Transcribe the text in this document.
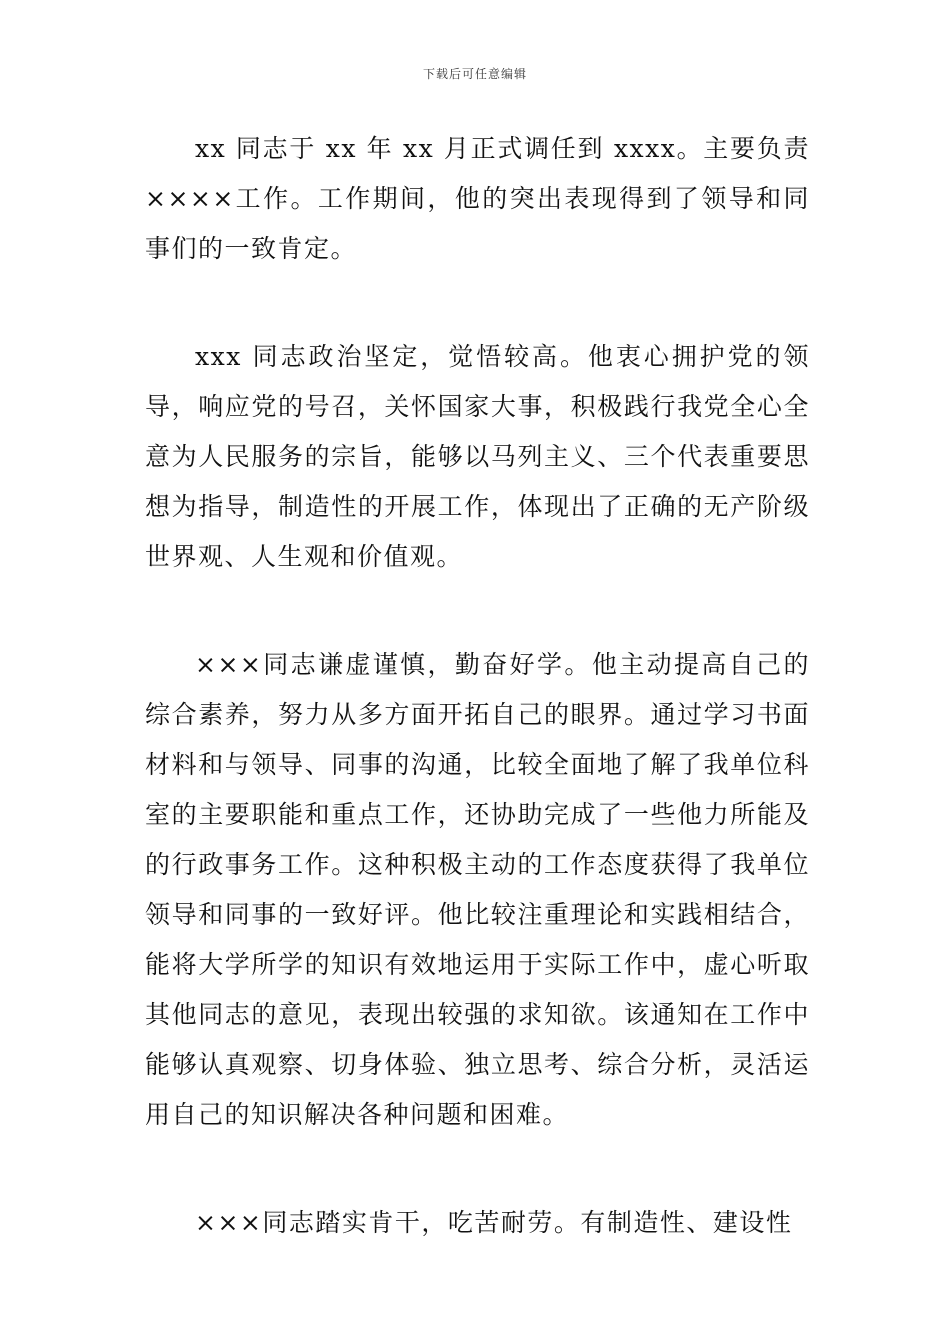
下载后可任意编辑

xx 同志于 xx 年 xx 月正式调任到 xxxx。主要负责××××工作。工作期间，他的突出表现得到了领导和同事们的一致肯定。

xxx 同志政治坚定，觉悟较高。他衷心拥护党的领导，响应党的号召，关怀国家大事，积极践行我党全心全意为人民服务的宗旨，能够以马列主义、三个代表重要思想为指导，制造性的开展工作，体现出了正确的无产阶级世界观、人生观和价值观。

×××同志谦虚谨慎，勤奋好学。他主动提高自己的综合素养，努力从多方面开拓自己的眼界。通过学习书面材料和与领导、同事的沟通，比较全面地了解了我单位科室的主要职能和重点工作，还协助完成了一些他力所能及的行政事务工作。这种积极主动的工作态度获得了我单位领导和同事的一致好评。他比较注重理论和实践相结合，能将大学所学的知识有效地运用于实际工作中，虚心听取其他同志的意见，表现出较强的求知欲。该通知在工作中能够认真观察、切身体验、独立思考、综合分析，灵活运用自己的知识解决各种问题和困难。

×××同志踏实肯干，吃苦耐劳。有制造性、建设性
